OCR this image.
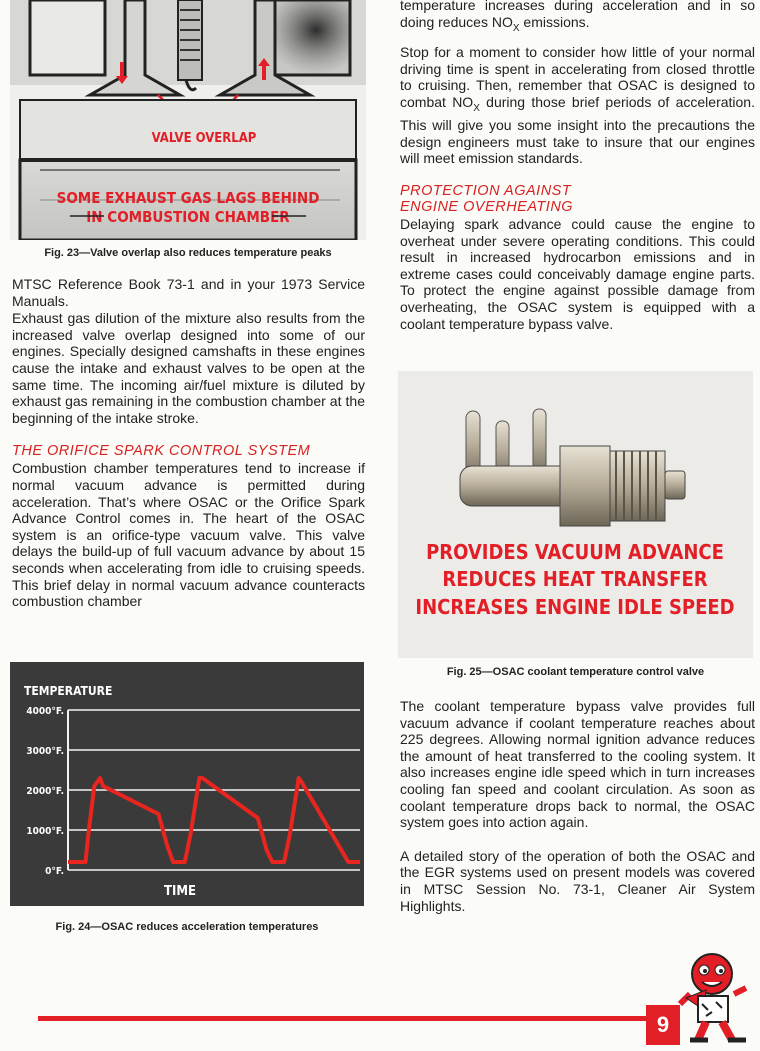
VALVE OVERLAP
SOME EXHAUST GAS LAGS BEHIND
IN COMBUSTION CHAMBER
Fig. 23—Valve overlap also reduces temperature peaks

MTSC Reference Book 73-1 and in your 1973 Service Manuals.

Exhaust gas dilution of the mixture also results from the increased valve overlap designed into some of our engines. Specially designed camshafts in these engines cause the intake and exhaust valves to be open at the same time. The incoming air/fuel mixture is diluted by exhaust gas remaining in the combustion chamber at the beginning of the intake stroke.

THE ORIFICE SPARK CONTROL SYSTEM

Combustion chamber temperatures tend to increase if normal vacuum advance is permitted during acceleration. That’s where OSAC or the Orifice Spark Advance Control comes in. The heart of the OSAC system is an orifice-type vacuum valve. This valve delays the build-up of full vacuum advance by about 15 seconds when accelerating from idle to cruising speeds. This brief delay in normal vacuum advance counteracts combustion chamber

TEMPERATURE
4000°F.
3000°F.
2000°F.
1000°F.
0°F.
TIME
Fig. 24—OSAC reduces acceleration temperatures

temperature increases during acceleration and in so doing reduces $NO_X$ emissions.

Stop for a moment to consider how little of your normal driving time is spent in accelerating from closed throttle to cruising. Then, remember that OSAC is designed to combat $NO_X$ during those brief periods of acceleration. This will give you some insight into the precautions the design engineers must take to insure that our engines will meet emission standards.

PROTECTION AGAINST

ENGINE OVERHEATING

Delaying spark advance could cause the engine to overheat under severe operating conditions. This could result in increased hydrocarbon emissions and in extreme cases could conceivably damage engine parts. To protect the engine against possible damage from overheating, the OSAC system is equipped with a coolant temperature bypass valve.

PROVIDES VACUUM ADVANCE
REDUCES HEAT TRANSFER
INCREASES ENGINE IDLE SPEED
Fig. 25—OSAC coolant temperature control valve

The coolant temperature bypass valve provides full vacuum advance if coolant temperature reaches about 225 degrees. Allowing normal ignition advance reduces the amount of heat transferred to the cooling system. It also increases engine idle speed which in turn increases cooling fan speed and coolant circulation. As soon as coolant temperature drops back to normal, the OSAC system goes into action again.

A detailed story of the operation of both the OSAC and the EGR systems used on present models was covered in MTSC Session No. 73-1, Cleaner Air System Highlights.

9
